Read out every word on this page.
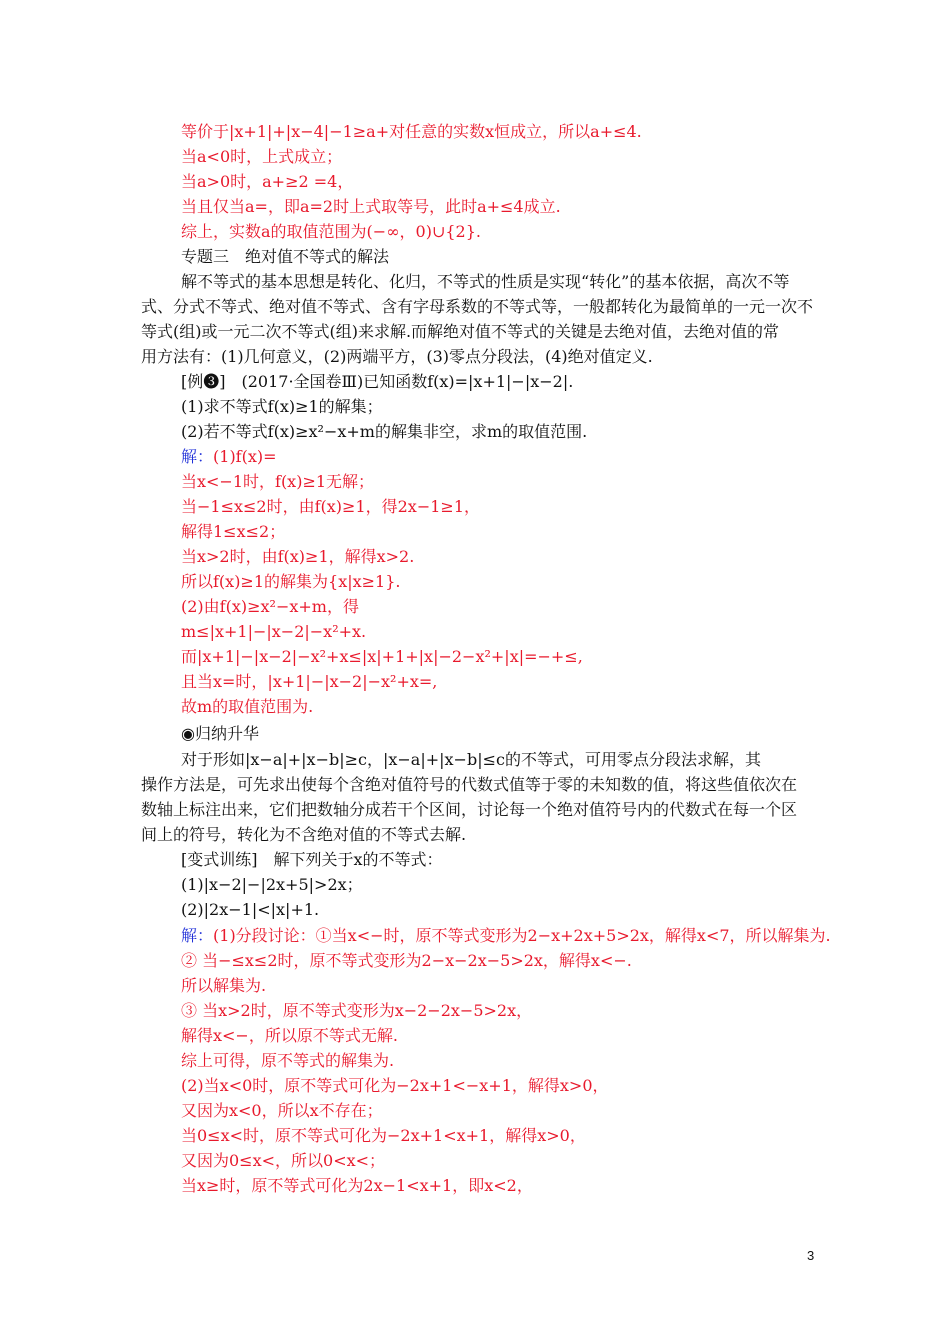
等价于|x+1|+|x−4|−1≥a+对任意的实数x恒成立，所以a+≤4.
当a<0时，上式成立；
当a>0时，a+≥2 =4，
当且仅当a=，即a=2时上式取等号，此时a+≤4成立.
综上，实数a的取值范围为(−∞，0)∪{2}.
专题三　绝对值不等式的解法
解不等式的基本思想是转化、化归，不等式的性质是实现“转化”的基本依据，高次不等
式、分式不等式、绝对值不等式、含有字母系数的不等式等，一般都转化为最简单的一元一次不
等式(组)或一元二次不等式(组)来求解.而解绝对值不等式的关键是去绝对值，去绝对值的常
用方法有：(1)几何意义，(2)两端平方，(3)零点分段法，(4)绝对值定义.
[例❸]　(2017·全国卷Ⅲ)已知函数f(x)=|x+1|−|x−2|.
(1)求不等式f(x)≥1的解集；
(2)若不等式f(x)≥x²−x+m的解集非空，求m的取值范围.
解：(1)f(x)=
当x<−1时，f(x)≥1无解；
当−1≤x≤2时，由f(x)≥1，得2x−1≥1，
解得1≤x≤2；
当x>2时，由f(x)≥1，解得x>2.
所以f(x)≥1的解集为{x|x≥1}.
(2)由f(x)≥x²−x+m，得
m≤|x+1|−|x−2|−x²+x.
而|x+1|−|x−2|−x²+x≤|x|+1+|x|−2−x²+|x|=−+≤,
且当x=时，|x+1|−|x−2|−x²+x=,
故m的取值范围为.
◉归纳升华
对于形如|x−a|+|x−b|≥c，|x−a|+|x−b|≤c的不等式，可用零点分段法求解，其
操作方法是，可先求出使每个含绝对值符号的代数式值等于零的未知数的值，将这些值依次在
数轴上标注出来，它们把数轴分成若干个区间，讨论每一个绝对值符号内的代数式在每一个区
间上的符号，转化为不含绝对值的不等式去解.
[变式训练]　解下列关于x的不等式：
(1)|x−2|−|2x+5|>2x；
(2)|2x−1|<|x|+1.
解：(1)分段讨论：①当x<−时，原不等式变形为2−x+2x+5>2x，解得x<7，所以解集为.
② 当−≤x≤2时，原不等式变形为2−x−2x−5>2x，解得x<−.
所以解集为.
③ 当x>2时，原不等式变形为x−2−2x−5>2x，
解得x<−，所以原不等式无解.
综上可得，原不等式的解集为.
(2)当x<0时，原不等式可化为−2x+1<−x+1，解得x>0，
又因为x<0，所以x不存在；
当0≤x<时，原不等式可化为−2x+1<x+1，解得x>0，
又因为0≤x<，所以0<x<；
当x≥时，原不等式可化为2x−1<x+1，即x<2，
3
